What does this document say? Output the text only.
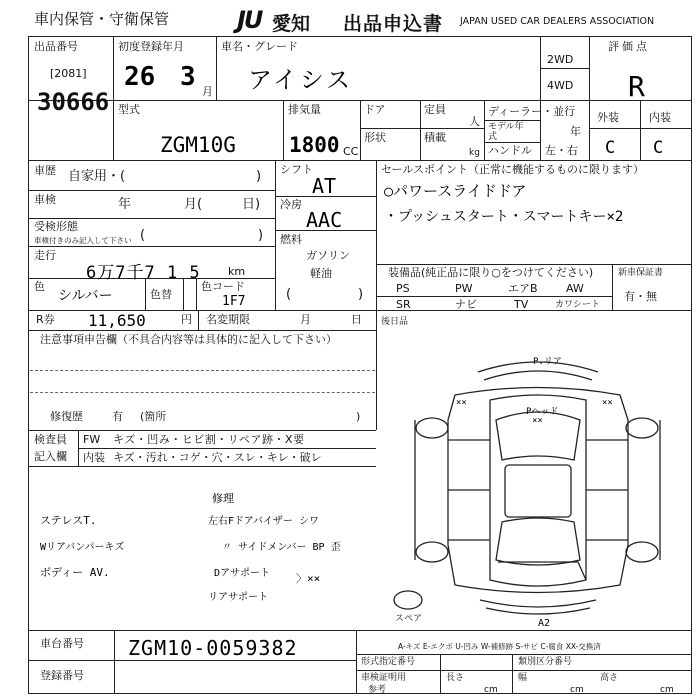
車内保管・守衛保管	JU 愛知 出品申込書 JAPAN USED CAR DEALERS ASSOCIATION
出品番号
[2081]
30666
初度登録年月
26 3 月
車名・グレード
アイシス
2WD
4WD
評価点
R
型式
ZGM10G
排気量
1800 CC
ドア
形状
定員
人
積載
kg
ディーラー・並行
モデル年式	年
ハンドル 左・右
外装	内装
C C
車歴 自家用・(	)
車検	年	月(	日)
受検形態
車検付きのみ記入して下さい (	)
走行
6万7千7 1 5 km
色
シルバー	色替
色コード
1F7
シフト
AT
冷房
AAC
燃料
ガソリン
軽油
(	)
セールスポイント（正常に機能するものに限ります）
○パワースライドドア
・プッシュスタート・スマートキー×2
装備品(純正品に限り○をつけてください)
PS	PW	エアB	AW
SR	ナビ	TV	カワシート
新車保証書
有・無
R券 11,650	円 名変期限	月	日 後日品
注意事項申告欄（不具合内容等は具体的に記入して下さい）
修復歴	有 (箇所	)
検査員
記入欄
FW キズ・凹み・ヒビ割・リペア跡・X要
内装 キズ・汚れ・コゲ・穴・スレ・キレ・破レ
修理
ステレスT.	左右Fドアバイザー シワ
Wリアバンパーキズ	〃 サイドメンバー BP 歪
ボディー AV.	Dアサポート 〉××
リアサポート
P.リア
Pヘッド
××
××	××
スペア	A2
A-キズ E-エクボ U-凹み W-補修跡 S-サビ C-腐食 XX-交換済
車台番号 ZGM10-0059382
登録番号
形式指定番号	類別区分番号
車検証明用	長さ	幅	高さ
参考	cm	cm	cm
